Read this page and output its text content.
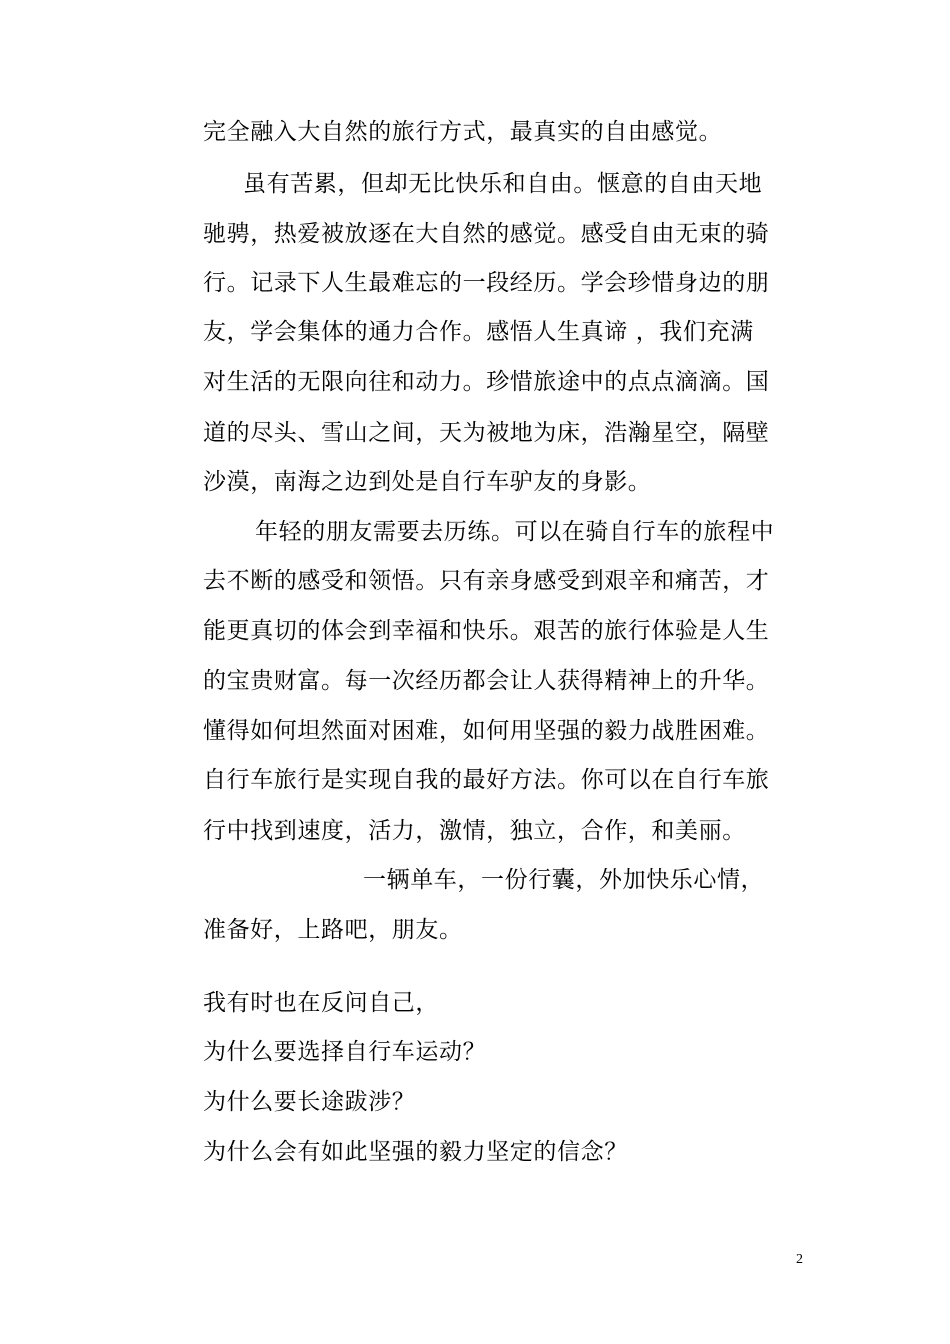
完全融入大自然的旅行方式，最真实的自由感觉。
虽有苦累，但却无比快乐和自由。惬意的自由天地
驰骋，热爱被放逐在大自然的感觉。感受自由无束的骑
行。记录下人生最难忘的一段经历。学会珍惜身边的朋
友，学会集体的通力合作。感悟人生真谛 ，我们充满
对生活的无限向往和动力。珍惜旅途中的点点滴滴。国
道的尽头、雪山之间，天为被地为床，浩瀚星空，隔壁
沙漠，南海之边到处是自行车驴友的身影。
年轻的朋友需要去历练。可以在骑自行车的旅程中
去不断的感受和领悟。只有亲身感受到艰辛和痛苦，才
能更真切的体会到幸福和快乐。艰苦的旅行体验是人生
的宝贵财富。每一次经历都会让人获得精神上的升华。
懂得如何坦然面对困难，如何用坚强的毅力战胜困难。
自行车旅行是实现自我的最好方法。你可以在自行车旅
行中找到速度，活力，激情，独立，合作，和美丽。
一辆单车，一份行囊，外加快乐心情，
准备好，上路吧，朋友。
我有时也在反问自己，
为什么要选择自行车运动？
为什么要长途跋涉？
为什么会有如此坚强的毅力坚定的信念？
2
